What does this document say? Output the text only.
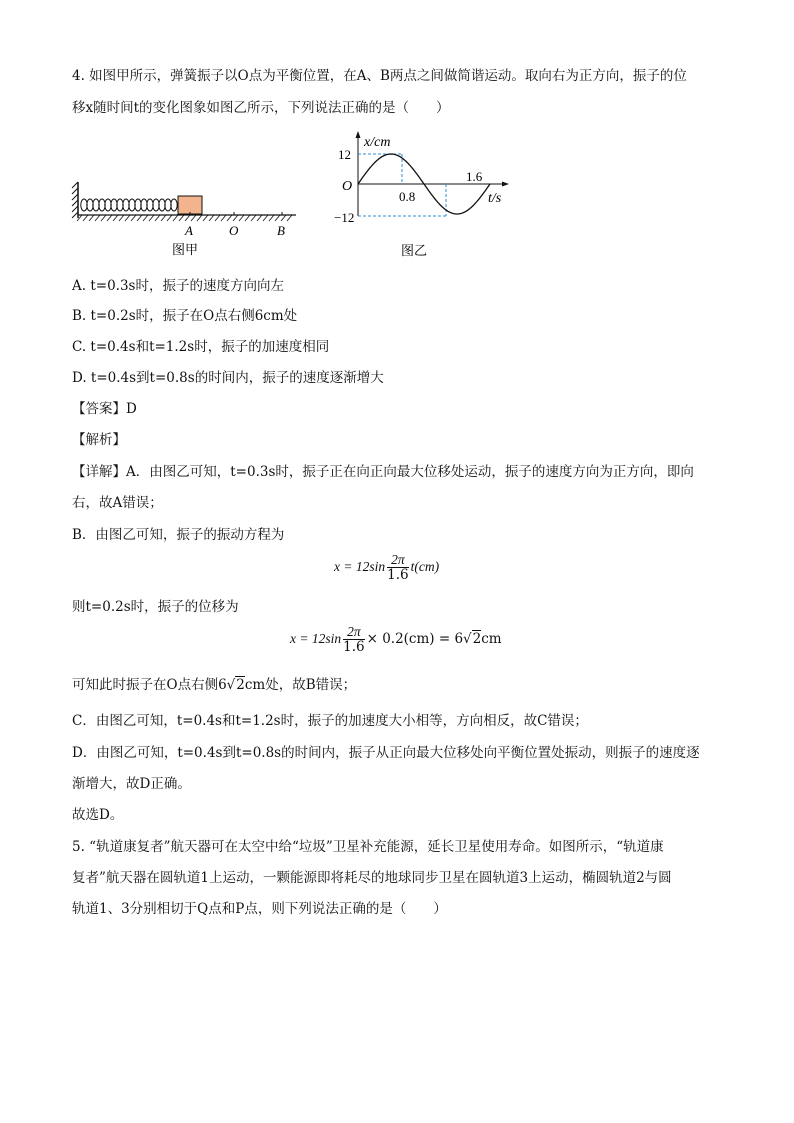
4. 如图甲所示，弹簧振子以O点为平衡位置，在A、B两点之间做简谐运动。取向右为正方向，振子的位
移x随时间t的变化图象如图乙所示，下列说法正确的是（　　）
A	O	B
图甲
x/cm
t/s
O
12
−12
0.8
1.6
图乙
A. t=0.3s时，振子的速度方向向左
B. t=0.2s时，振子在O点右侧6cm处
C. t=0.4s和t=1.2s时，振子的加速度相同
D. t=0.4s到t=0.8s的时间内，振子的速度逐渐增大
【答案】D
【解析】
【详解】A．由图乙可知，t=0.3s时，振子正在向正向最大位移处运动，振子的速度方向为正方向，即向
右，故A错误；
B．由图乙可知，振子的振动方程为
$x = 12\sin \frac{2\pi}{1.6} t(cm)$
则t=0.2s时，振子的位移为
$x = 12\sin \frac{2\pi}{1.6} \times 0.2(cm) = 6√2cm$
可知此时振子在O点右侧6√2cm处，故B错误；
C．由图乙可知，t=0.4s和t=1.2s时，振子的加速度大小相等，方向相反，故C错误；
D．由图乙可知，t=0.4s到t=0.8s的时间内，振子从正向最大位移处向平衡位置处振动，则振子的速度逐
渐增大，故D正确。
故选D。
5. “轨道康复者”航天器可在太空中给“垃圾”卫星补充能源，延长卫星使用寿命。如图所示，“轨道康
复者”航天器在圆轨道1上运动，一颗能源即将耗尽的地球同步卫星在圆轨道3上运动，椭圆轨道2与圆
轨道1、3分别相切于Q点和P点，则下列说法正确的是（　　）
